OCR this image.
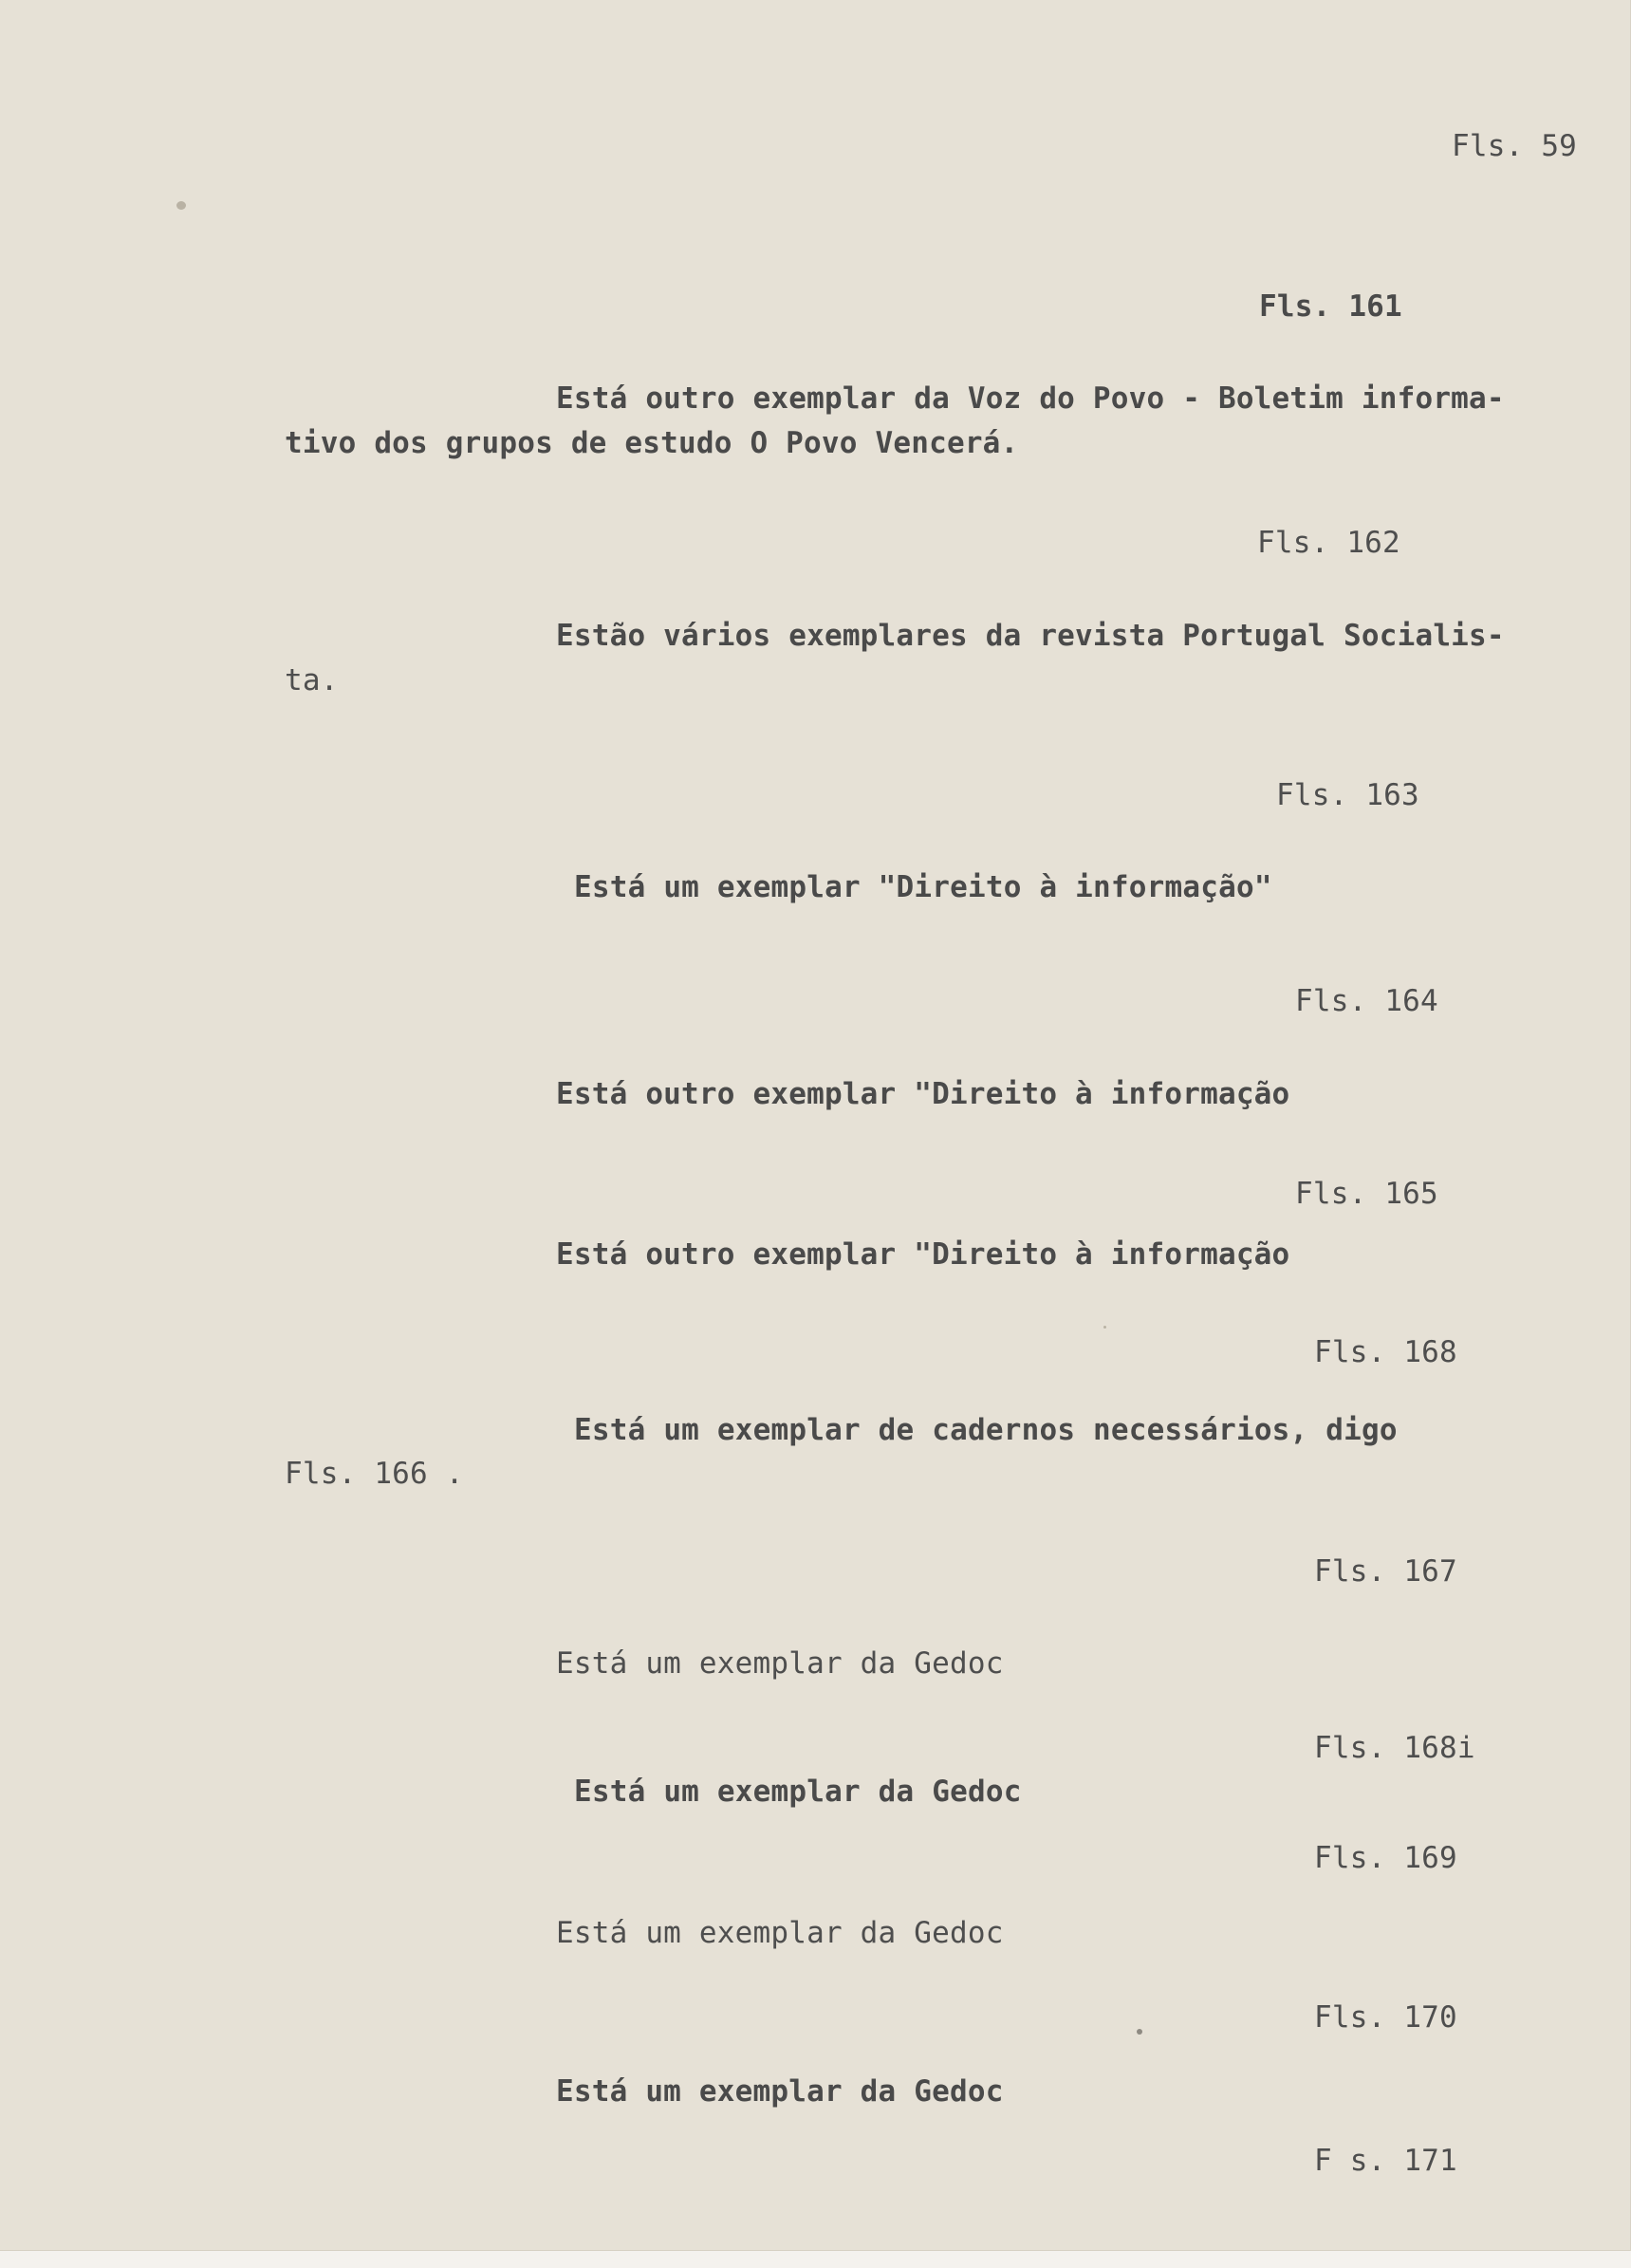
Fls. 59

Fls. 161

Está outro exemplar da Voz do Povo - Boletim informa-

tivo dos grupos de estudo O Povo Vencerá.

Fls. 162

Estão vários exemplares da revista Portugal Socialis-

ta.

Fls. 163

Está um exemplar "Direito à informação"

Fls. 164

Está outro exemplar "Direito à informação

Fls. 165

Está outro exemplar "Direito à informação

Fls. 168

Está um exemplar de cadernos necessários, digo

Fls. 166 .

Fls. 167

Está um exemplar da Gedoc

Fls. 168i

Está um exemplar da Gedoc

Fls. 169

Está um exemplar da Gedoc

Fls. 170

Está um exemplar da Gedoc

F s. 171
